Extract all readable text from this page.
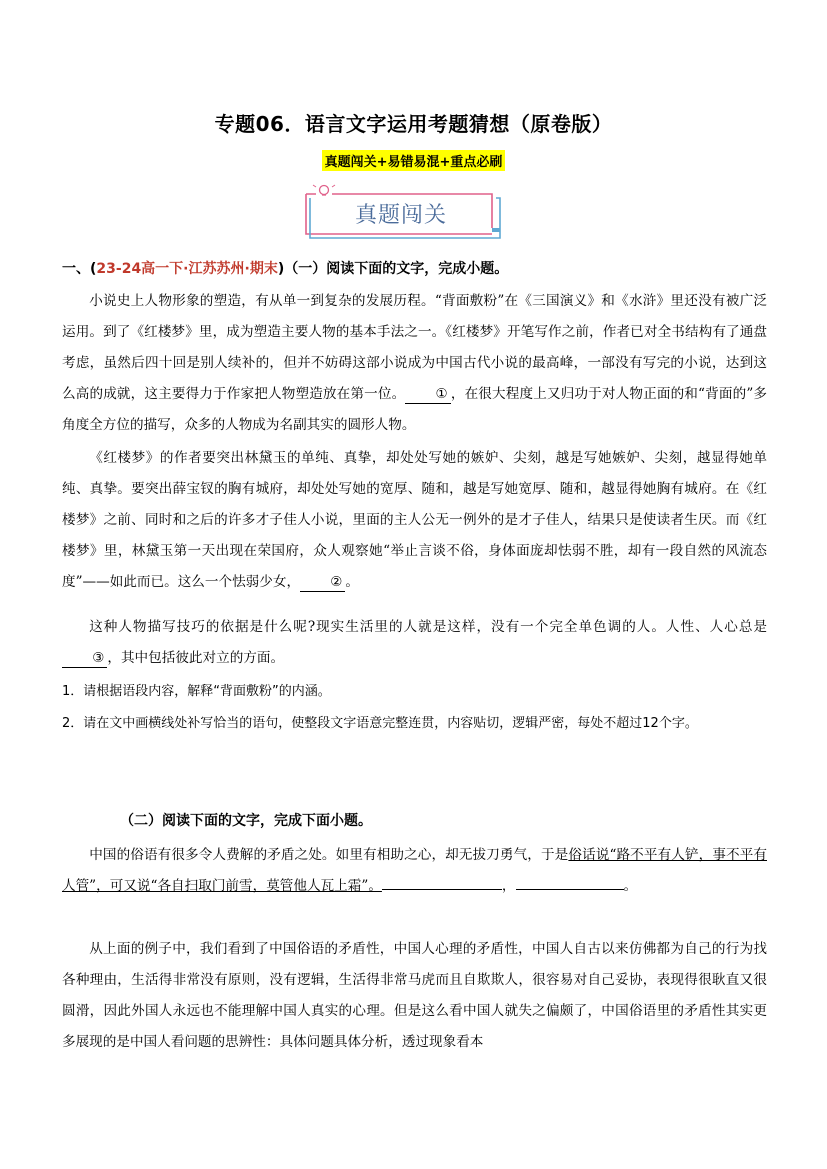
专题06．语言文字运用考题猜想（原卷版）
真题闯关+易错易混+重点必刷
真题闯关
一、(23-24高一下·江苏苏州·期末)（一）阅读下面的文字，完成小题。
小说史上人物形象的塑造，有从单一到复杂的发展历程。“背面敷粉”在《三国演义》和《水浒》里还没有被广泛运用。到了《红楼梦》里，成为塑造主要人物的基本手法之一。《红楼梦》开笔写作之前，作者已对全书结构有了通盘考虑，虽然后四十回是别人续补的，但并不妨碍这部小说成为中国古代小说的最高峰，一部没有写完的小说，达到这么高的成就，这主要得力于作家把人物塑造放在第一位。 ① ，在很大程度上又归功于对人物正面的和“背面的”多角度全方位的描写，众多的人物成为名副其实的圆形人物。
《红楼梦》的作者要突出林黛玉的单纯、真挚，却处处写她的嫉妒、尖刻，越是写她嫉妒、尖刻，越显得她单纯、真挚。要突出薛宝钗的胸有城府，却处处写她的宽厚、随和，越是写她宽厚、随和，越显得她胸有城府。在《红楼梦》之前、同时和之后的许多才子佳人小说，里面的主人公无一例外的是才子佳人，结果只是使读者生厌。而《红楼梦》里，林黛玉第一天出现在荣国府，众人观察她“举止言谈不俗，身体面庞却怯弱不胜，却有一段自然的风流态度”——如此而已。这么一个怯弱少女， ② 。
这种人物描写技巧的依据是什么呢?现实生活里的人就是这样，没有一个完全单色调的人。人性、人心总是③ ，其中包括彼此对立的方面。
1．请根据语段内容，解释“背面敷粉”的内涵。
2．请在文中画横线处补写恰当的语句，使整段文字语意完整连贯，内容贴切，逻辑严密，每处不超过12个字。
（二）阅读下面的文字，完成下面小题。
中国的俗语有很多令人费解的矛盾之处。如里有相助之心，却无拔刀勇气，于是俗话说“路不平有人铲，事不平有人管”，可又说“各自扫取门前雪，莫管他人瓦上霜”。	，	。
从上面的例子中，我们看到了中国俗语的矛盾性，中国人心理的矛盾性，中国人自古以来仿佛都为自己的行为找各种理由，生活得非常没有原则，没有逻辑，生活得非常马虎而且自欺欺人，很容易对自己妥协，表现得很耿直又很圆滑，因此外国人永远也不能理解中国人真实的心理。但是这么看中国人就失之偏颇了，中国俗语里的矛盾性其实更多展现的是中国人看问题的思辨性：具体问题具体分析，透过现象看本
